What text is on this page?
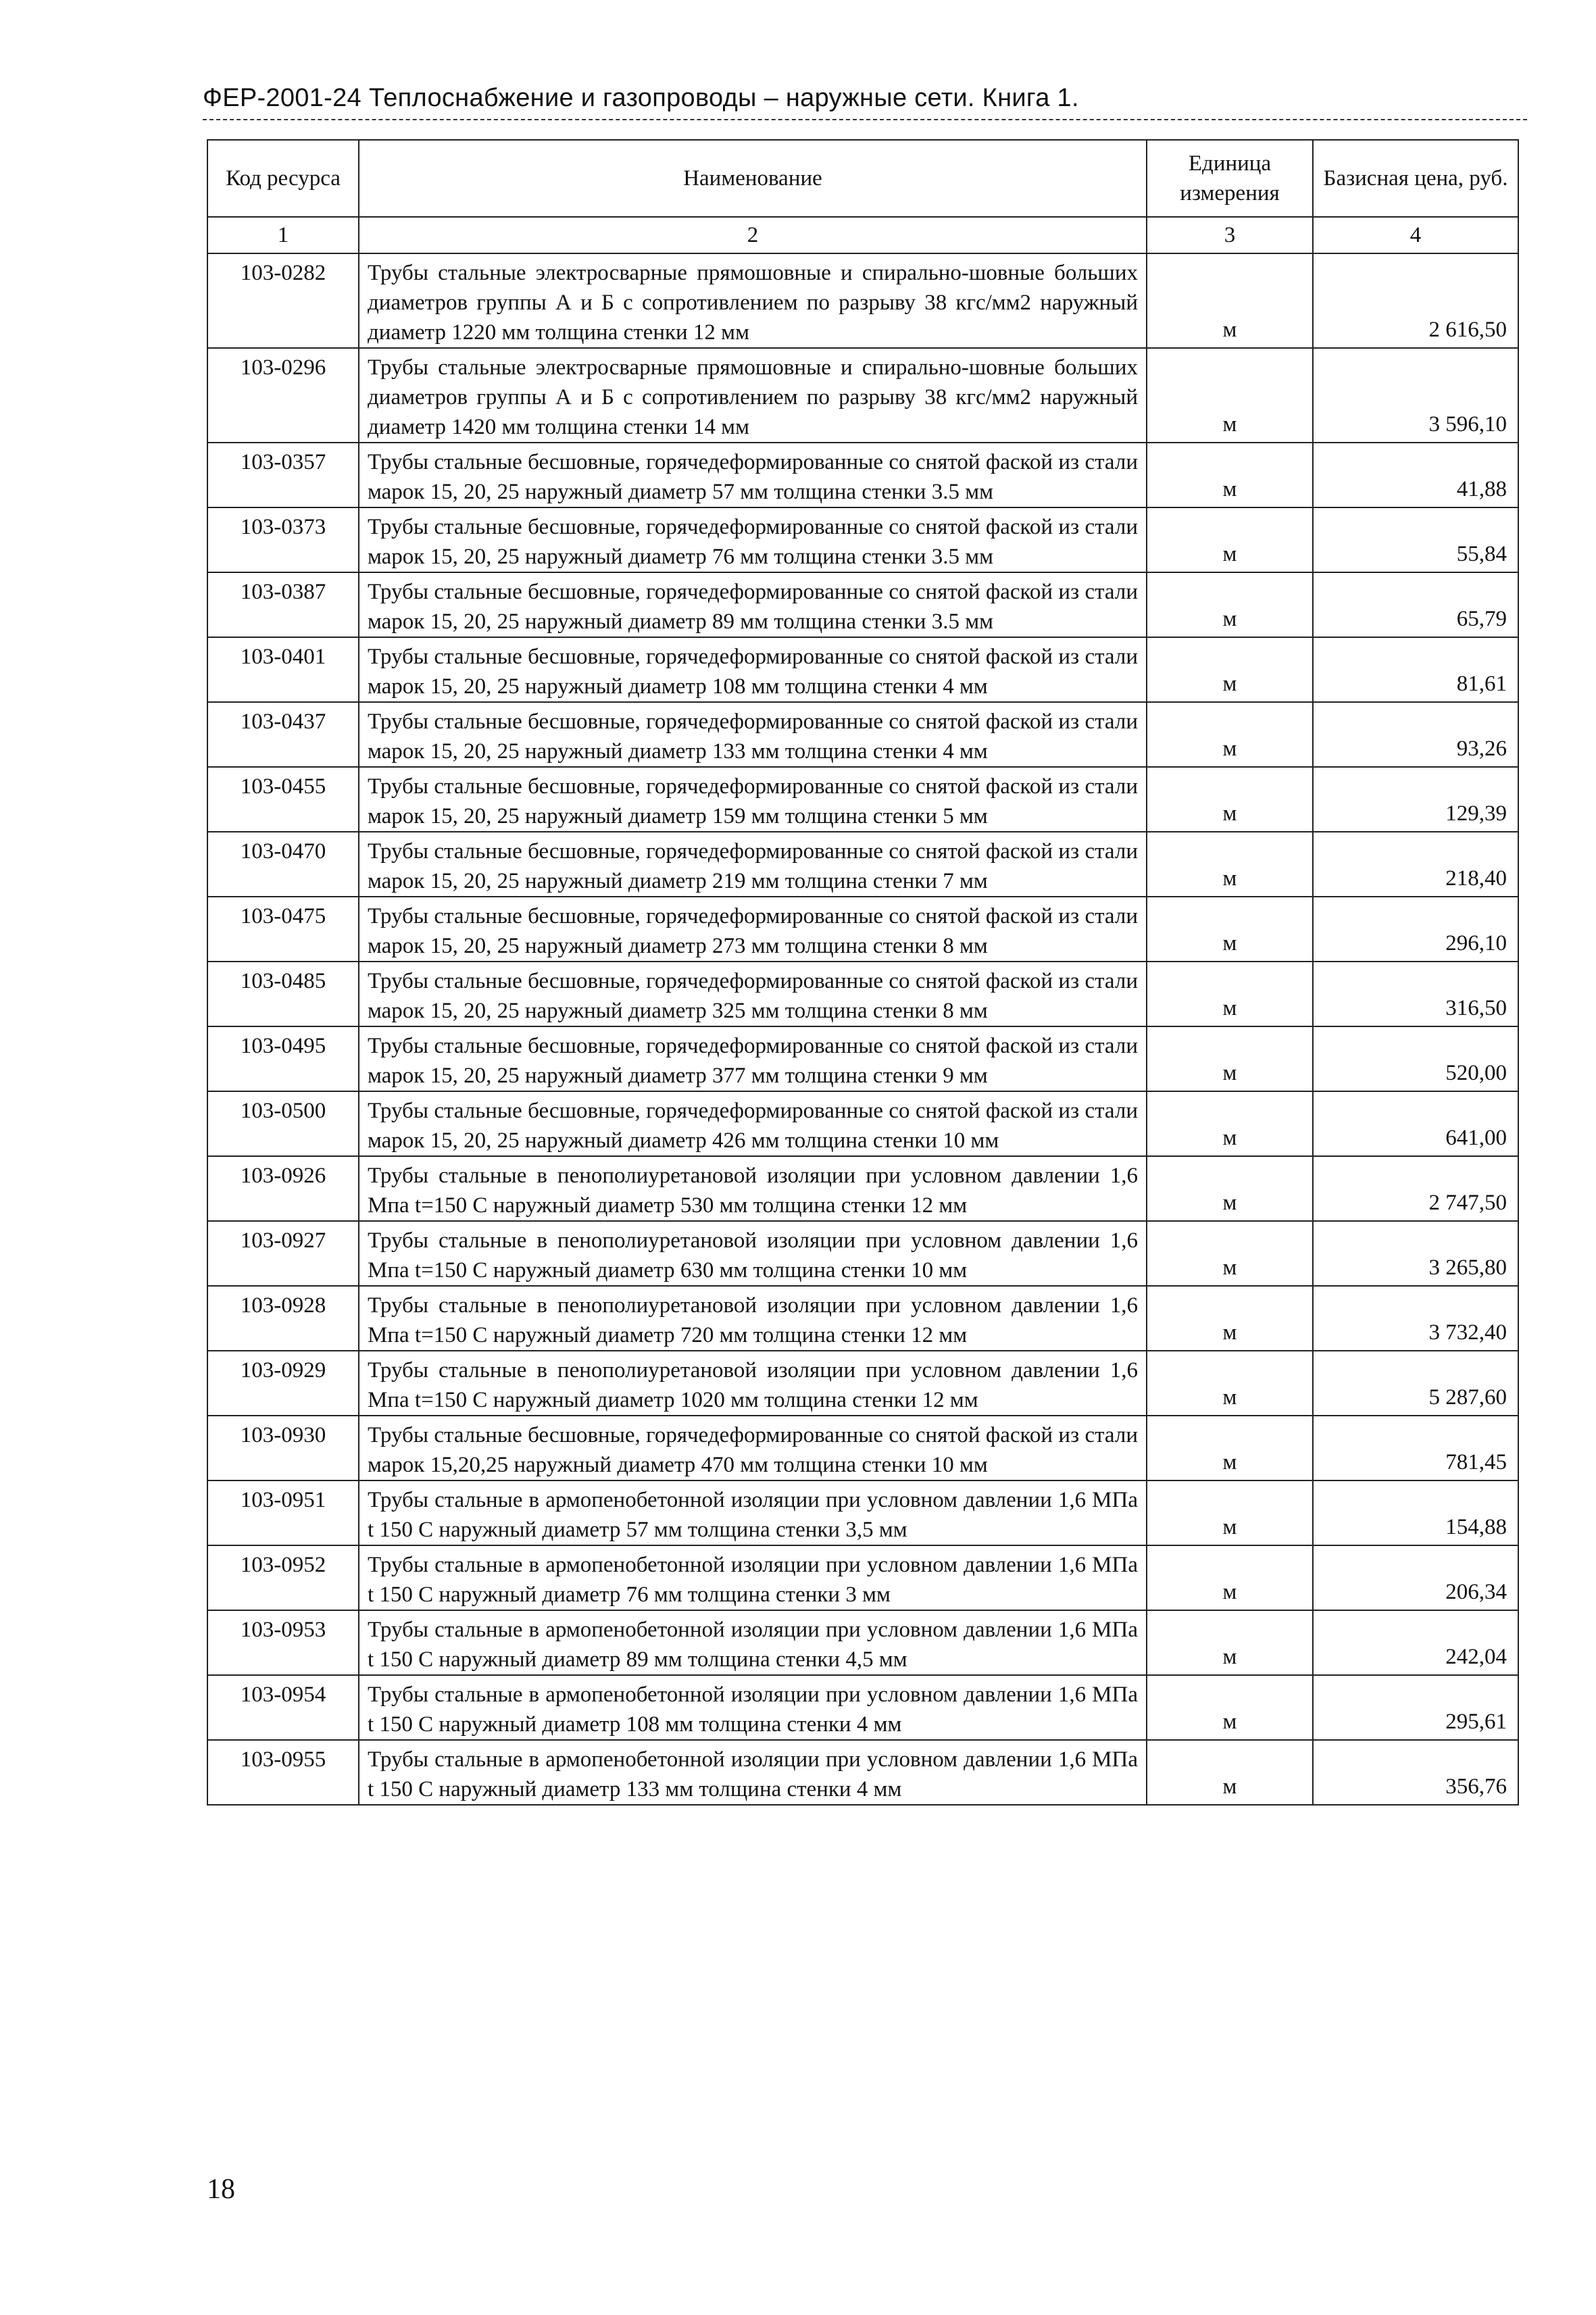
ФЕР-2001-24 Теплоснабжение и газопроводы – наружные сети. Книга 1.
Код ресурса	Наименование	Единица измерения	Базисная цена, руб.
1	2	3	4
103-0282	Трубы стальные электросварные прямошовные и спирально-шовные больших диаметров группы А и Б с сопротивлением по разрыву 38 кгс/мм2 наружный диаметр 1220 мм толщина стенки 12 мм	м	2 616,50
103-0296	Трубы стальные электросварные прямошовные и спирально-шовные больших диаметров группы А и Б с сопротивлением по разрыву 38 кгс/мм2 наружный диаметр 1420 мм толщина стенки 14 мм	м	3 596,10
103-0357	Трубы стальные бесшовные, горячедеформированные со снятой фаской из стали марок 15, 20, 25 наружный диаметр 57 мм толщина стенки 3.5 мм	м	41,88
103-0373	Трубы стальные бесшовные, горячедеформированные со снятой фаской из стали марок 15, 20, 25 наружный диаметр 76 мм толщина стенки 3.5 мм	м	55,84
103-0387	Трубы стальные бесшовные, горячедеформированные со снятой фаской из стали марок 15, 20, 25 наружный диаметр 89 мм толщина стенки 3.5 мм	м	65,79
103-0401	Трубы стальные бесшовные, горячедеформированные со снятой фаской из стали марок 15, 20, 25 наружный диаметр 108 мм толщина стенки 4 мм	м	81,61
103-0437	Трубы стальные бесшовные, горячедеформированные со снятой фаской из стали марок 15, 20, 25 наружный диаметр 133 мм толщина стенки 4 мм	м	93,26
103-0455	Трубы стальные бесшовные, горячедеформированные со снятой фаской из стали марок 15, 20, 25 наружный диаметр 159 мм толщина стенки 5 мм	м	129,39
103-0470	Трубы стальные бесшовные, горячедеформированные со снятой фаской из стали марок 15, 20, 25 наружный диаметр 219 мм толщина стенки 7 мм	м	218,40
103-0475	Трубы стальные бесшовные, горячедеформированные со снятой фаской из стали марок 15, 20, 25 наружный диаметр 273 мм толщина стенки 8 мм	м	296,10
103-0485	Трубы стальные бесшовные, горячедеформированные со снятой фаской из стали марок 15, 20, 25 наружный диаметр 325 мм толщина стенки 8 мм	м	316,50
103-0495	Трубы стальные бесшовные, горячедеформированные со снятой фаской из стали марок 15, 20, 25 наружный диаметр 377 мм толщина стенки 9 мм	м	520,00
103-0500	Трубы стальные бесшовные, горячедеформированные со снятой фаской из стали марок 15, 20, 25 наружный диаметр 426 мм толщина стенки 10 мм	м	641,00
103-0926	Трубы стальные в пенополиуретановой изоляции при условном давлении 1,6 Мпа t=150 С наружный диаметр 530 мм толщина стенки 12 мм	м	2 747,50
103-0927	Трубы стальные в пенополиуретановой изоляции при условном давлении 1,6 Мпа t=150 С наружный диаметр 630 мм толщина стенки 10 мм	м	3 265,80
103-0928	Трубы стальные в пенополиуретановой изоляции при условном давлении 1,6 Мпа t=150 С наружный диаметр 720 мм толщина стенки 12 мм	м	3 732,40
103-0929	Трубы стальные в пенополиуретановой изоляции при условном давлении 1,6 Мпа t=150 С наружный диаметр 1020 мм толщина стенки 12 мм	м	5 287,60
103-0930	Трубы стальные бесшовные, горячедеформированные со снятой фаской из стали марок 15,20,25 наружный диаметр 470 мм толщина стенки 10 мм	м	781,45
103-0951	Трубы стальные в армопенобетонной изоляции при условном давлении 1,6 МПа t 150 С наружный диаметр 57 мм толщина стенки 3,5 мм	м	154,88
103-0952	Трубы стальные в армопенобетонной изоляции при условном давлении 1,6 МПа t 150 С наружный диаметр 76 мм толщина стенки 3 мм	м	206,34
103-0953	Трубы стальные в армопенобетонной изоляции при условном давлении 1,6 МПа t 150 С наружный диаметр 89 мм толщина стенки 4,5 мм	м	242,04
103-0954	Трубы стальные в армопенобетонной изоляции при условном давлении 1,6 МПа t 150 С наружный диаметр 108 мм толщина стенки 4 мм	м	295,61
103-0955	Трубы стальные в армопенобетонной изоляции при условном давлении 1,6 МПа t 150 С наружный диаметр 133 мм толщина стенки 4 мм	м	356,76
18
